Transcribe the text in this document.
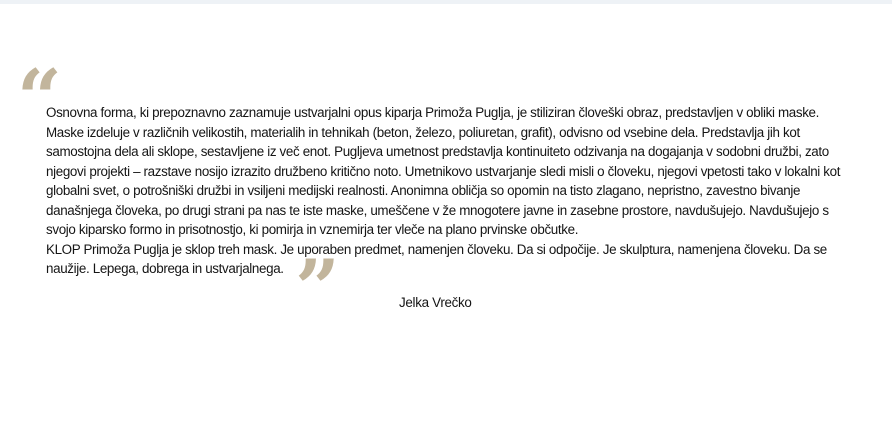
“

Osnovna forma, ki prepoznavno zaznamuje ustvarjalni opus kiparja Primoža Puglja, je stiliziran človeški obraz, predstavljen v obliki maske. Maske izdeluje v različnih velikostih, materialih in tehnikah (beton, železo, poliuretan, grafit), odvisno od vsebine dela. Predstavlja jih kot samostojna dela ali sklope, sestavljene iz več enot. Pugljeva umetnost predstavlja kontinuiteto odzivanja na dogajanja v sodobni družbi, zato njegovi projekti – razstave nosijo izrazito družbeno kritično noto. Umetnikovo ustvarjanje sledi misli o človeku, njegovi vpetosti tako v lokalni kot globalni svet, o potrošniški družbi in vsiljeni medijski realnosti. Anonimna obličja so opomin na tisto zlagano, nepristno, zavestno bivanje današnjega človeka, po drugi strani pa nas te iste maske, umeščene v že mnogotere javne in zasebne prostore, navdušujejo. Navdušujejo s svojo kiparsko formo in prisotnostjo, ki pomirja in vznemirja ter vleče na plano prvinske občutke.

KLOP Primoža Puglja je sklop treh mask. Je uporaben predmet, namenjen človeku. Da si odpočije. Je skulptura, namenjena človeku. Da se naužije. Lepega, dobrega in ustvarjalnega. ”	Jelka Vrečko
